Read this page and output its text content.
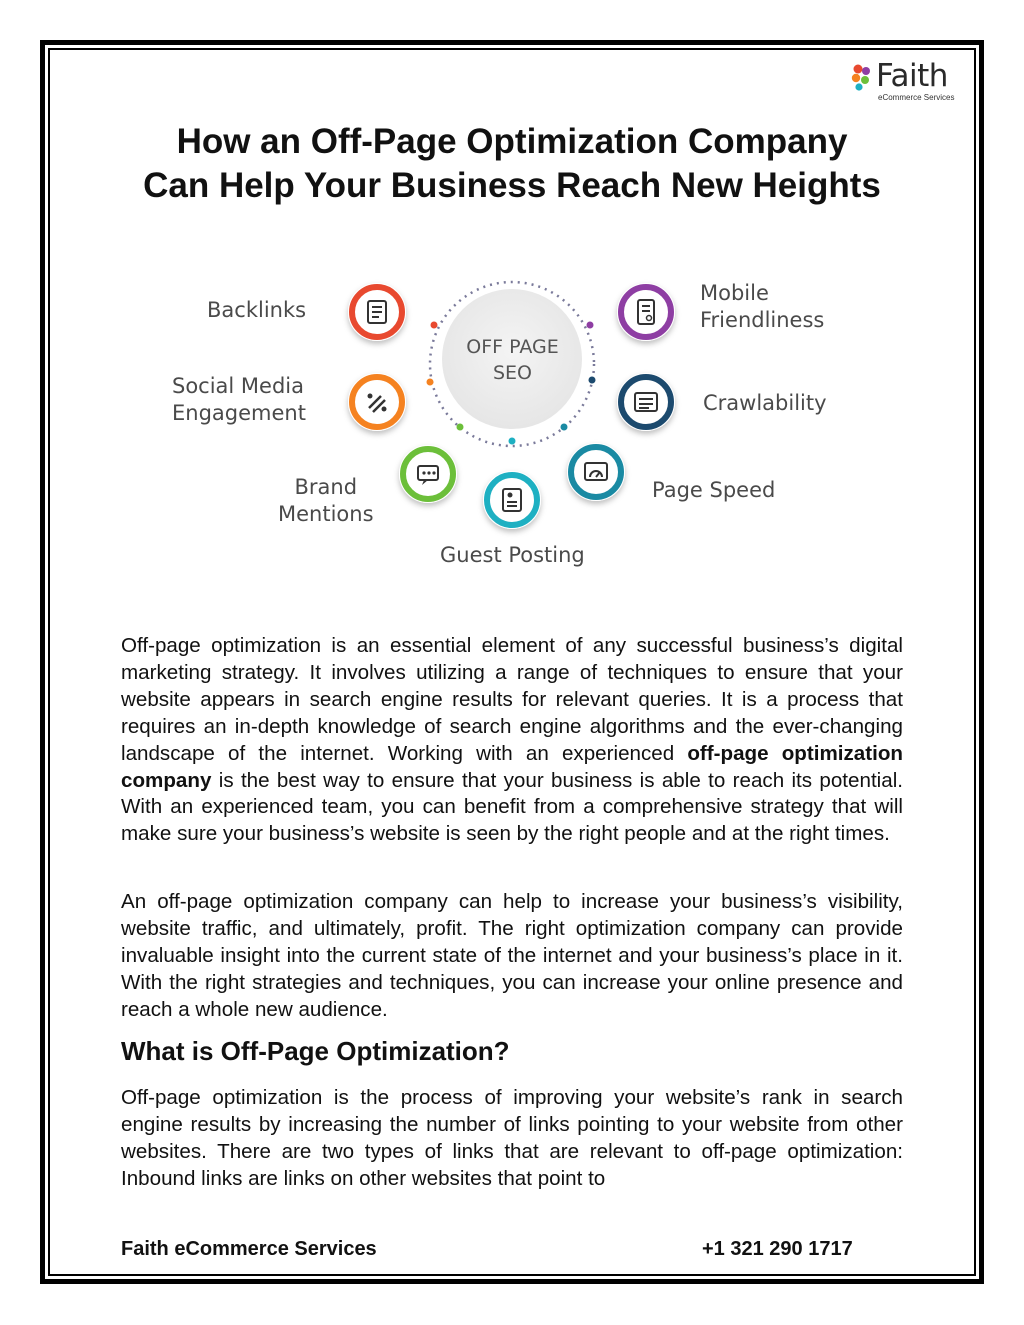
Faith
eCommerce Services
How an Off-Page Optimization Company
Can Help Your Business Reach New Heights
OFF PAGE
SEO
Backlinks
Social Media
Engagement
Brand
Mentions
Guest Posting
Page Speed
Crawlability
Mobile
Friendliness

Off-page optimization is an essential element of any successful business’s digital marketing strategy. It involves utilizing a range of techniques to ensure that your website appears in search engine results for relevant queries. It is a process that requires an in-depth knowledge of search engine algorithms and the ever-changing landscape of the internet. Working with an experienced off-page optimization company is the best way to ensure that your business is able to reach its potential. With an experienced team, you can benefit from a comprehensive strategy that will make sure your business’s website is seen by the right people and at the right times.

An off-page optimization company can help to increase your business’s visibility, website traffic, and ultimately, profit. The right optimization company can provide invaluable insight into the current state of the internet and your business’s place in it. With the right strategies and techniques, you can increase your online presence and reach a whole new audience.

What is Off-Page Optimization?

Off-page optimization is the process of improving your website’s rank in search engine results by increasing the number of links pointing to your website from other websites. There are two types of links that are relevant to off-page optimization: Inbound links are links on other websites that point to

Faith eCommerce Services	+1 321 290 1717
